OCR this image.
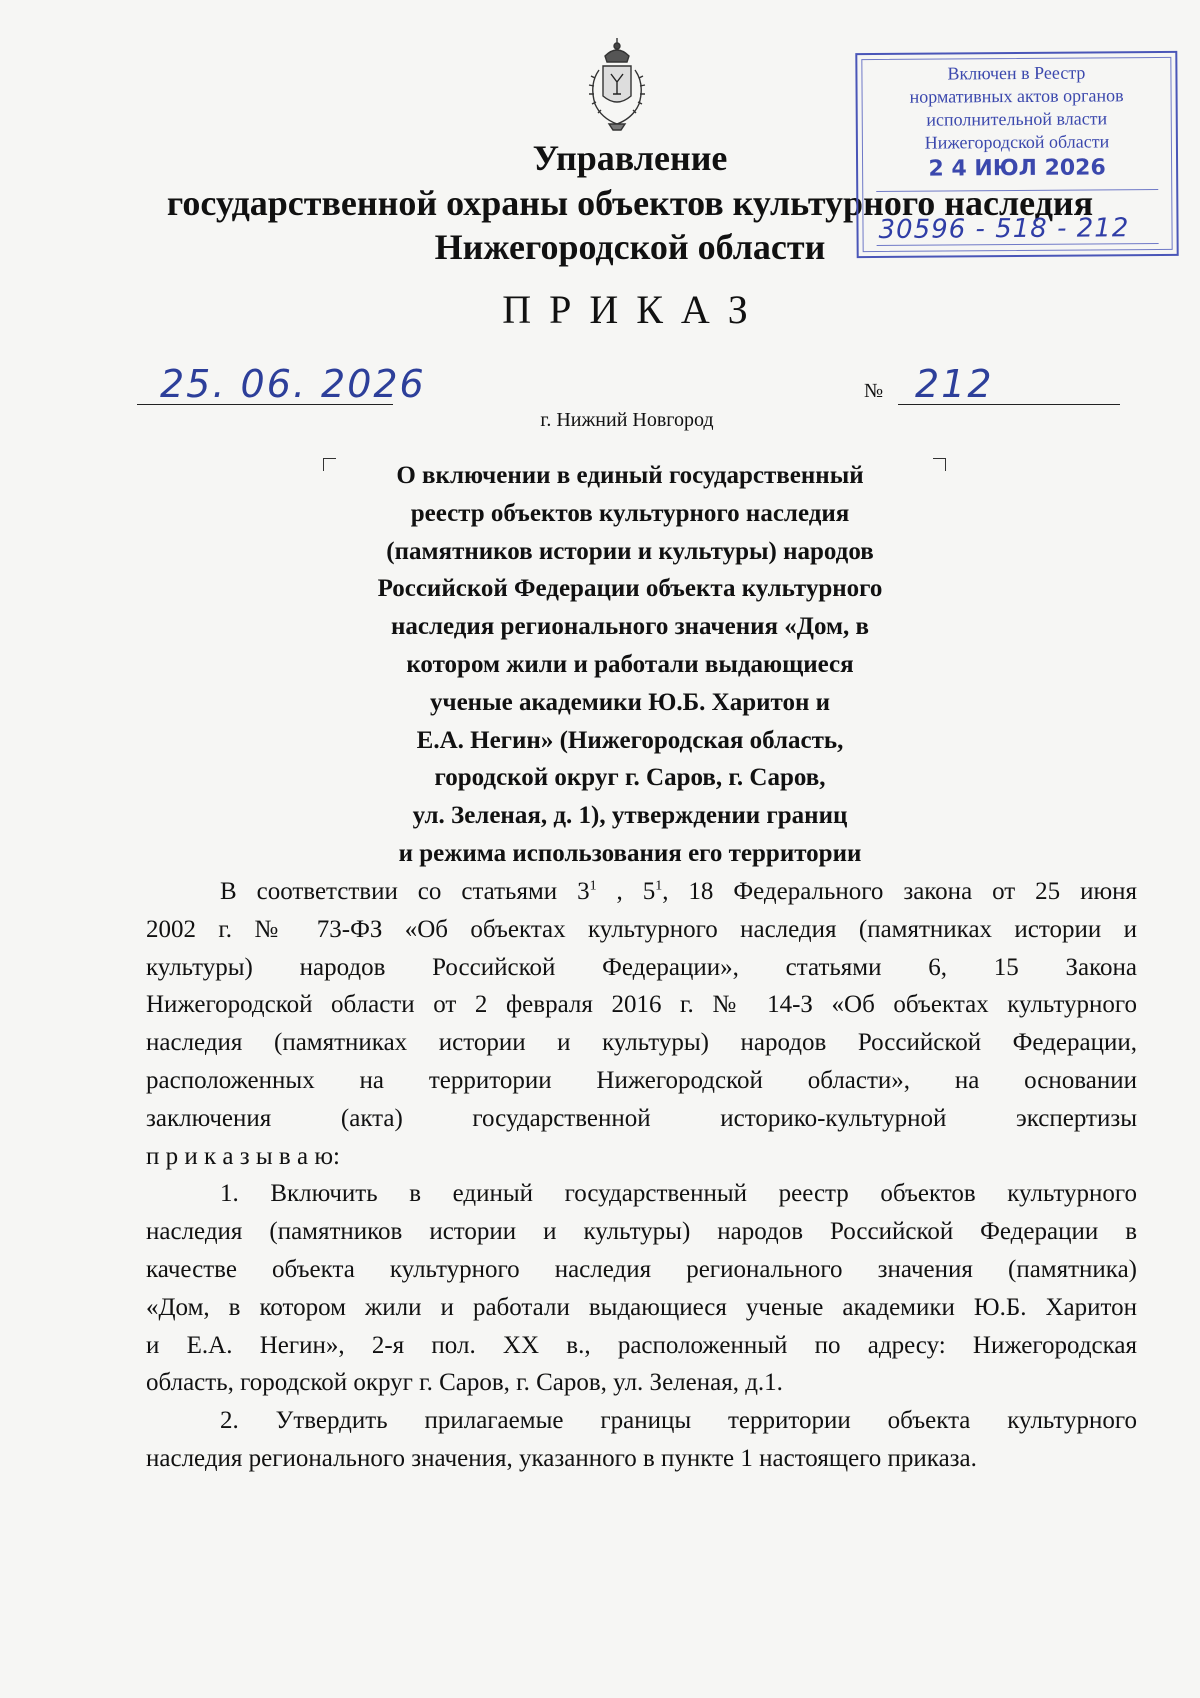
Управление
государственной охраны объектов культурного наследия
Нижегородской области
Включен в Реестр
нормативных актов органов
исполнительной власти
Нижегородской области
2 4 ИЮЛ 2026
30596 - 518 - 212
П Р И К А З
25. 06. 2026	№ 212
г. Нижний Новгород
О включении в единый государственный
реестр объектов культурного наследия
(памятников истории и культуры) народов
Российской Федерации объекта культурного
наследия регионального значения «Дом, в
котором жили и работали выдающиеся
ученые академики Ю.Б. Харитон и
Е.А. Негин» (Нижегородская область,
городской округ г. Саров, г. Саров,
ул. Зеленая, д. 1), утверждении границ
и режима использования его территории
В соответствии со статьями $3^1$ , $5^1$, 18 Федерального закона от 25 июня
2002 г. № 73-ФЗ «Об объектах культурного наследия (памятниках истории и
культуры) народов Российской Федерации», статьями 6, 15 Закона
Нижегородской области от 2 февраля 2016 г. № 14-З «Об объектах культурного
наследия (памятниках истории и культуры) народов Российской Федерации,
расположенных на территории Нижегородской области», на основании
заключения (акта) государственной историко-культурной экспертизы
п р и к а з ы в а ю:
1. Включить в единый государственный реестр объектов культурного
наследия (памятников истории и культуры) народов Российской Федерации в
качестве объекта культурного наследия регионального значения (памятника)
«Дом, в котором жили и работали выдающиеся ученые академики Ю.Б. Харитон
и Е.А. Негин», 2-я пол. XX в., расположенный по адресу: Нижегородская
область, городской округ г. Саров, г. Саров, ул. Зеленая, д.1.
2. Утвердить прилагаемые границы территории объекта культурного
наследия регионального значения, указанного в пункте 1 настоящего приказа.
